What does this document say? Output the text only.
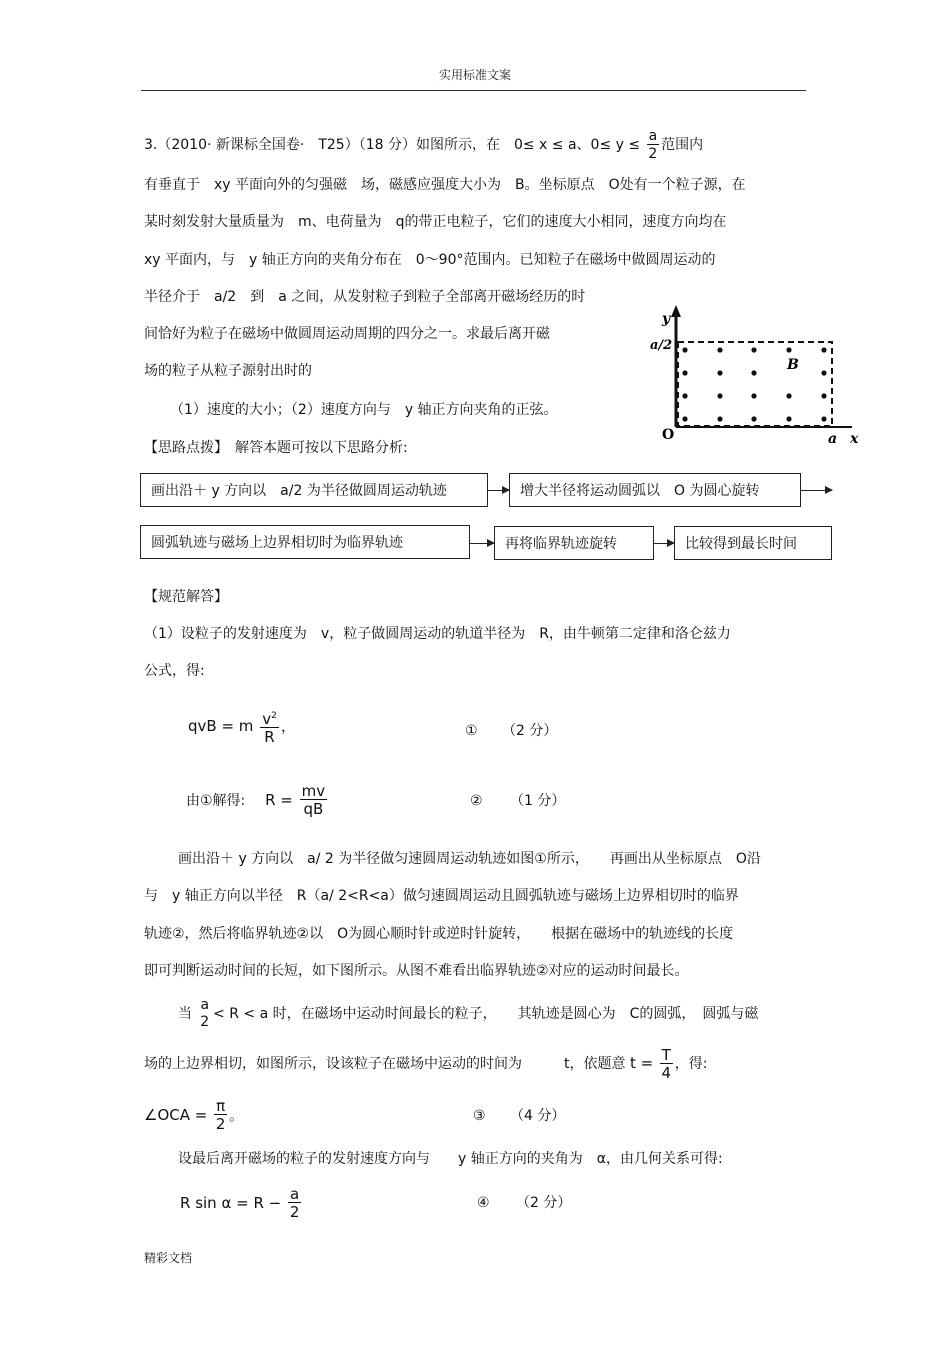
实用标准文案
3.（2010· 新课标全国卷·　T25）（18 分）如图所示，在　0≤ x ≤ a、$0\le y \le \frac{a}{2}$ 范围内
有垂直于　xy 平面向外的匀强磁　场，磁感应强度大小为　B。坐标原点　O处有一个粒子源，在
某时刻发射大量质量为　m、电荷量为　q的带正电粒子，它们的速度大小相同，速度方向均在
xy 平面内，与　y 轴正方向的夹角分布在　0～90°范围内。已知粒子在磁场中做圆周运动的
半径介于　a/2　到　a 之间，从发射粒子到粒子全部离开磁场经历的时
间恰好为粒子在磁场中做圆周运动周期的四分之一。求最后离开磁
场的粒子从粒子源射出时的
（1）速度的大小；（2）速度方向与　y 轴正方向夹角的正弦。
y
a/2
O	a x
B
【思路点拨】　 解答本题可按以下思路分析:
画出沿＋ y 方向以　a/2 为半径做圆周运动轨迹	增大半径将运动圆弧以　O 为圆心旋转
圆弧轨迹与磁场上边界相切时为临界轨迹	再将临界轨迹旋转	比较得到最长时间
【规范解答】
（1）设粒子的发射速度为　v，粒子做圆周运动的轨道半径为　R，由牛顿第二定律和洛仑兹力
公式，得:
qvB = m $\frac{v^2}{R}$ ，	① （2 分）
由①解得:　 $R = \frac{mv}{qB}$	② （1 分）
画出沿＋ y 方向以　a/ 2 为半径做匀速圆周运动轨迹如图①所示，　　再画出从坐标原点　O沿
与　y 轴正方向以半径　R（a/ 2<R<a）做匀速圆周运动且圆弧轨迹与磁场上边界相切时的临界
轨迹②，然后将临界轨迹②以　O为圆心顺时针或逆时针旋转，　　根据在磁场中的轨迹线的长度
即可判断运动时间的长短，如下图所示。从图不难看出临界轨迹②对应的运动时间最长。
当
a
2 < R < a 时，在磁场中运动时间最长的粒子，　　其轨迹是圆心为　C的圆弧，　圆弧与磁
场的上边界相切，如图所示，设该粒子在磁场中运动的时间为　　　t，依题意 $t = \frac{T}{4}$ ，得:
∠OCA = $\frac{\pi}{2}$ 。	③ （4 分）
设最后离开磁场的粒子的发射速度方向与　　y 轴正方向的夹角为　α，由几何关系可得:
R $\sin \alpha = R - \frac{a}{2}$	④ （2 分）
精彩文档
